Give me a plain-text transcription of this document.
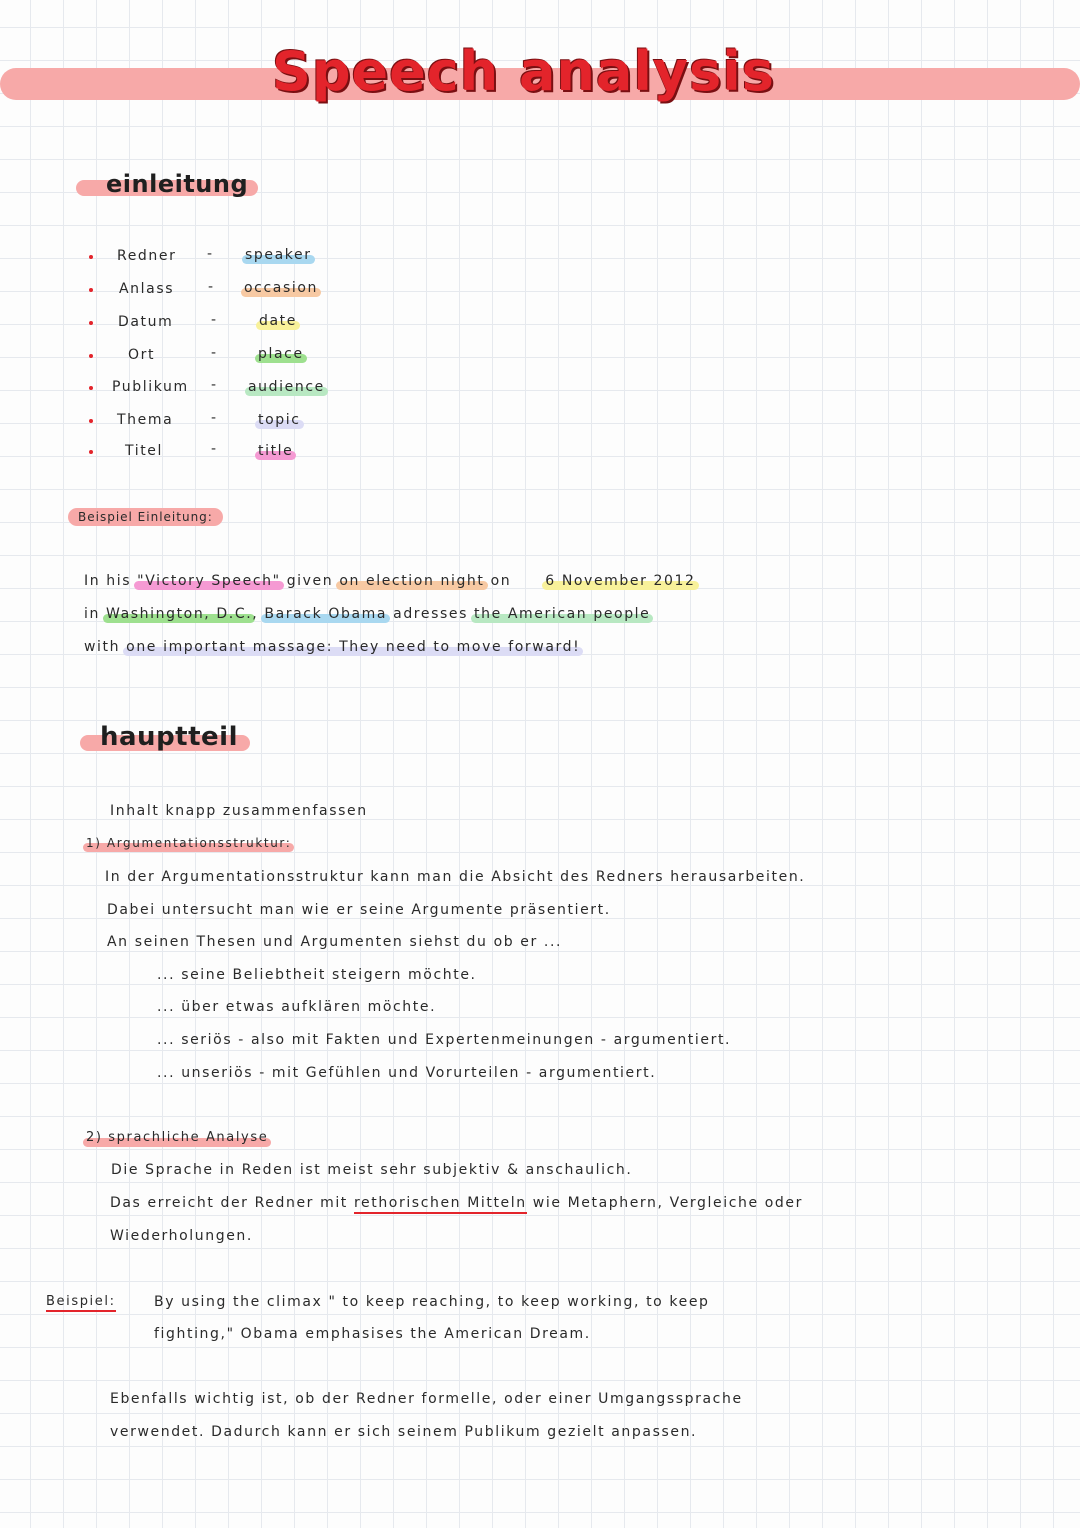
Speech analysis
einleitung
Redner - speaker
Anlass - occasion
Datum	-	date
Ort	-	place
Publikum - audience
Thema	-	topic
Titel	-	title
Beispiel Einleitung:
In his "Victory Speech" given on election night on 6 November 2012
in Washington, D.C., Barack Obama adresses the American people
with one important massage: They need to move forward!
hauptteil
Inhalt knapp zusammenfassen
1) Argumentationsstruktur:
In der Argumentationsstruktur kann man die Absicht des Redners herausarbeiten.
Dabei untersucht man wie er seine Argumente präsentiert.
An seinen Thesen und Argumenten siehst du ob er ...
... seine Beliebtheit steigern möchte.
... über etwas aufklären möchte.
... seriös - also mit Fakten und Expertenmeinungen - argumentiert.
... unseriös - mit Gefühlen und Vorurteilen - argumentiert.
2) sprachliche Analyse
Die Sprache in Reden ist meist sehr subjektiv & anschaulich.
Das erreicht der Redner mit rethorischen Mitteln wie Metaphern, Vergleiche oder
Wiederholungen.
Beispiel:	By using the climax " to keep reaching, to keep working, to keep
fighting," Obama emphasises the American Dream.
Ebenfalls wichtig ist, ob der Redner formelle, oder einer Umgangssprache
verwendet. Dadurch kann er sich seinem Publikum gezielt anpassen.
